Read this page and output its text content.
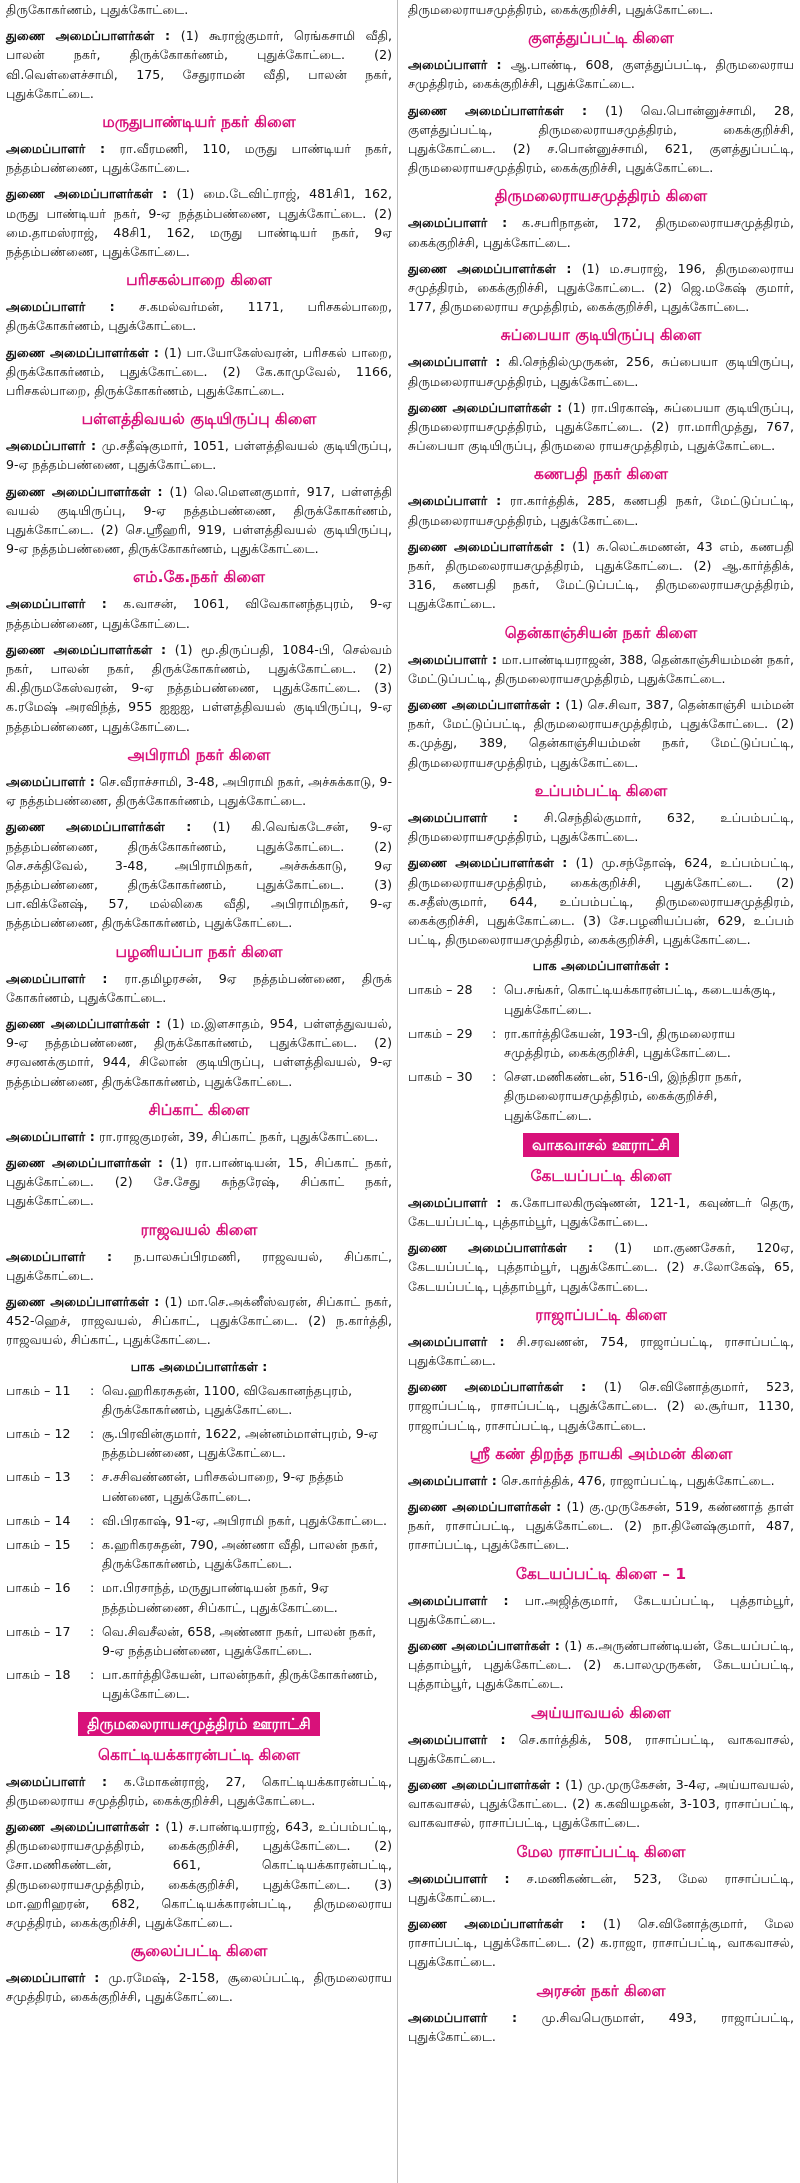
திருகோகர்ணம், புதுக்கோட்டை.

துணை அமைப்பாளர்கள் : (1) கூராஜ்குமார், ரெங்கசாமி வீதி, பாலன் நகர், திருக்கோகர்ணம், புதுக்கோட்டை. (2) வி.வெள்ளைச்சாமி, 175, சேதுராமன் வீதி, பாலன் நகர், புதுக்கோட்டை.

மருதுபாண்டியர் நகர் கிளை

அமைப்பாளர் : ரா.வீரமணி, 110, மருது பாண்டியர் நகர், நத்தம்பண்ணை, புதுக்கோட்டை.

துணை அமைப்பாளர்கள் : (1) மை.டேவிட்ராஜ், 481சி1, 162, மருது பாண்டியர் நகர், 9-ஏ நத்தம்பண்ணை, புதுக்கோட்டை. (2) மை.தாமஸ்ராஜ், 48சி1, 162, மருது பாண்டியர் நகர், 9ஏ நத்தம்பண்ணை, புதுக்கோட்டை.

பரிசகல்பாறை கிளை

அமைப்பாளர் : ச.கமல்வர்மன், 1171, பரிசகல்பாறை, திருக்கோகர்ணம், புதுக்கோட்டை.

துணை அமைப்பாளர்கள் : (1) பா.யோகேஸ்வரன், பரிசகல் பாறை, திருக்கோகர்ணம், புதுக்கோட்டை. (2) கே.காமுவேல், 1166, பரிசகல்பாறை, திருக்கோகர்ணம், புதுக்கோட்டை.

பள்ளத்திவயல் குடியிருப்பு கிளை

அமைப்பாளர் : மு.சதீஷ்குமார், 1051, பள்ளத்திவயல் குடியிருப்பு, 9-ஏ நத்தம்பண்ணை, புதுக்கோட்டை.

துணை அமைப்பாளர்கள் : (1) லெ.மௌனகுமார், 917, பள்ளத்தி வயல் குடியிருப்பு, 9-ஏ நத்தம்பண்ணை, திருக்கோகர்ணம், புதுக்கோட்டை. (2) செ.ஸ்ரீஹரி, 919, பள்ளத்திவயல் குடியிருப்பு, 9-ஏ நத்தம்பண்ணை, திருக்கோகர்ணம், புதுக்கோட்டை.

எம்.கே.நகர் கிளை

அமைப்பாளர் : க.வாசன், 1061, விவேகானந்தபுரம், 9-ஏ நத்தம்பண்ணை, புதுக்கோட்டை.

துணை அமைப்பாளர்கள் : (1) மூ.திருப்பதி, 1084-பி, செல்வம் நகர், பாலன் நகர், திருக்கோகர்ணம், புதுக்கோட்டை. (2) கி.திருமகேஸ்வரன், 9-ஏ நத்தம்பண்ணை, புதுக்கோட்டை. (3) க.ரமேஷ் அரவிந்த், 955 ஐஐஐ, பள்ளத்திவயல் குடியிருப்பு, 9-ஏ நத்தம்பண்ணை, புதுக்கோட்டை.

அபிராமி நகர் கிளை

அமைப்பாளர் : செ.வீராச்சாமி, 3-48, அபிராமி நகர், அச்சுக்காடு, 9-ஏ நத்தம்பண்ணை, திருக்கோகர்ணம், புதுக்கோட்டை.

துணை அமைப்பாளர்கள் : (1) கி.வெங்கடேசன், 9-ஏ நத்தம்பண்ணை, திருக்கோகர்ணம், புதுக்கோட்டை. (2) செ.சக்திவேல், 3-48, அபிராமிநகர், அச்சுக்காடு, 9ஏ நத்தம்பண்ணை, திருக்கோகர்ணம், புதுக்கோட்டை. (3) பா.விக்னேஷ், 57, மல்லிகை வீதி, அபிராமிநகர், 9-ஏ நத்தம்பண்ணை, திருக்கோகர்ணம், புதுக்கோட்டை.

பழனியப்பா நகர் கிளை

அமைப்பாளர் : ரா.தமிழரசன், 9ஏ நத்தம்பண்ணை, திருக் கோகர்ணம், புதுக்கோட்டை.

துணை அமைப்பாளர்கள் : (1) ம.இளசாதம், 954, பள்ளத்துவயல், 9-ஏ நத்தம்பண்ணை, திருக்கோகர்ணம், புதுக்கோட்டை. (2) சரவணக்குமார், 944, சிலோன் குடியிருப்பு, பள்ளத்திவயல், 9-ஏ நத்தம்பண்ணை, திருக்கோகர்ணம், புதுக்கோட்டை.

சிப்காட் கிளை

அமைப்பாளர் : ரா.ராஜகுமரன், 39, சிப்காட் நகர், புதுக்கோட்டை.

துணை அமைப்பாளர்கள் : (1) ரா.பாண்டியன், 15, சிப்காட் நகர், புதுக்கோட்டை. (2) சே.சேது சுந்தரேஷ், சிப்காட் நகர், புதுக்கோட்டை.

ராஜவயல் கிளை

அமைப்பாளர் : ந.பாலசுப்பிரமணி, ராஜவயல், சிப்காட், புதுக்கோட்டை.

துணை அமைப்பாளர்கள் : (1) மா.செ.அக்னீஸ்வரன், சிப்காட் நகர், 452-ஹெச், ராஜவயல், சிப்காட், புதுக்கோட்டை. (2) ந.கார்த்தி, ராஜவயல், சிப்காட், புதுக்கோட்டை.

பாக அமைப்பாளர்கள் :
பாகம் – 11	: வெ.ஹரிகரசுதன், 1100, விவேகானந்தபுரம், திருக்கோகர்ணம், புதுக்கோட்டை.
பாகம் – 12	: சூ.பிரவின்குமார், 1622, அன்னம்மாள்புரம், 9-ஏ நத்தம்பண்ணை, புதுக்கோட்டை.
பாகம் – 13	: ச.சசிவண்ணன், பரிசகல்பாறை, 9-ஏ நத்தம் பண்ணை, புதுக்கோட்டை.
பாகம் – 14	: வி.பிரகாஷ், 91-ஏ, அபிராமி நகர், புதுக்கோட்டை.
பாகம் – 15	: க.ஹரிகரசுதன், 790, அண்ணா வீதி, பாலன் நகர், திருக்கோகர்ணம், புதுக்கோட்டை.
பாகம் – 16	: மா.பிரசாந்த், மருதுபாண்டியன் நகர், 9ஏ நத்தம்பண்ணை, சிப்காட், புதுக்கோட்டை.
பாகம் – 17	: வெ.சிவசீலன், 658, அண்ணா நகர், பாலன் நகர், 9-ஏ நத்தம்பண்ணை, புதுக்கோட்டை.
பாகம் – 18	: பா.கார்த்திகேயன், பாலன்நகர், திருக்கோகர்ணம், புதுக்கோட்டை.
திருமலைராயசமுத்திரம் ஊராட்சி
கொட்டியக்காரன்பட்டி கிளை

அமைப்பாளர் : க.மோகன்ராஜ், 27, கொட்டியக்காரன்பட்டி, திருமலைராய சமுத்திரம், கைக்குறிச்சி, புதுக்கோட்டை.

துணை அமைப்பாளர்கள் : (1) ச.பாண்டியராஜ், 643, உப்பம்பட்டி, திருமலைராயசமுத்திரம், கைக்குறிச்சி, புதுக்கோட்டை. (2) சோ.மணிகண்டன், 661, கொட்டியக்காரன்பட்டி, திருமலைராயசமுத்திரம், கைக்குறிச்சி, புதுக்கோட்டை. (3) மா.ஹரிஹரன், 682, கொட்டியக்காரன்பட்டி, திருமலைராய சமுத்திரம், கைக்குறிச்சி, புதுக்கோட்டை.

சூலைப்பட்டி கிளை

அமைப்பாளர் : மு.ரமேஷ், 2-158, சூலைப்பட்டி, திருமலைராய சமுத்திரம், கைக்குறிச்சி, புதுக்கோட்டை.

திருமலைராயசமுத்திரம், கைக்குறிச்சி, புதுக்கோட்டை.

குளத்துப்பட்டி கிளை

அமைப்பாளர் : ஆ.பாண்டி, 608, குளத்துப்பட்டி, திருமலைராய சமுத்திரம், கைக்குறிச்சி, புதுக்கோட்டை.

துணை அமைப்பாளர்கள் : (1) வெ.பொன்னுச்சாமி, 28, குளத்துப்பட்டி, திருமலைராயசமுத்திரம், கைக்குறிச்சி, புதுக்கோட்டை. (2) ச.பொன்னுச்சாமி, 621, குளத்துப்பட்டி, திருமலைராயசமுத்திரம், கைக்குறிச்சி, புதுக்கோட்டை.

திருமலைராயசமுத்திரம் கிளை

அமைப்பாளர் : க.சபரிநாதன், 172, திருமலைராயசமுத்திரம், கைக்குறிச்சி, புதுக்கோட்டை.

துணை அமைப்பாளர்கள் : (1) ம.சபராஜ், 196, திருமலைராய சமுத்திரம், கைக்குறிச்சி, புதுக்கோட்டை. (2) ஜெ.மகேஷ் குமார், 177, திருமலைராய சமுத்திரம், கைக்குறிச்சி, புதுக்கோட்டை.

சுப்பையா குடியிருப்பு கிளை

அமைப்பாளர் : கி.செந்தில்முருகன், 256, சுப்பையா குடியிருப்பு, திருமலைராயசமுத்திரம், புதுக்கோட்டை.

துணை அமைப்பாளர்கள் : (1) ரா.பிரகாஷ், சுப்பையா குடியிருப்பு, திருமலைராயசமுத்திரம், புதுக்கோட்டை. (2) ரா.மாரிமுத்து, 767, சுப்பையா குடியிருப்பு, திருமலை ராயசமுத்திரம், புதுக்கோட்டை.

கணபதி நகர் கிளை

அமைப்பாளர் : ரா.கார்த்திக், 285, கணபதி நகர், மேட்டுப்பட்டி, திருமலைராயசமுத்திரம், புதுக்கோட்டை.

துணை அமைப்பாளர்கள் : (1) சு.லெட்சுமணன், 43 எம், கணபதி நகர், திருமலைராயசமுத்திரம், புதுக்கோட்டை. (2) ஆ.கார்த்திக், 316, கணபதி நகர், மேட்டுப்பட்டி, திருமலைராயசமுத்திரம், புதுக்கோட்டை.

தென்காஞ்சியன் நகர் கிளை

அமைப்பாளர் : மா.பாண்டியராஜன், 388, தென்காஞ்சியம்மன் நகர், மேட்டுப்பட்டி, திருமலைராயசமுத்திரம், புதுக்கோட்டை.

துணை அமைப்பாளர்கள் : (1) செ.சிவா, 387, தென்காஞ்சி யம்மன் நகர், மேட்டுப்பட்டி, திருமலைராயசமுத்திரம், புதுக்கோட்டை. (2) க.முத்து, 389, தென்காஞ்சியம்மன் நகர், மேட்டுப்பட்டி, திருமலைராயசமுத்திரம், புதுக்கோட்டை.

உப்பம்பட்டி கிளை

அமைப்பாளர் : சி.செந்தில்குமார், 632, உப்பம்பட்டி, திருமலைராயசமுத்திரம், புதுக்கோட்டை.

துணை அமைப்பாளர்கள் : (1) மு.சந்தோஷ், 624, உப்பம்பட்டி, திருமலைராயசமுத்திரம், கைக்குறிச்சி, புதுக்கோட்டை. (2) க.சதீஸ்குமார், 644, உப்பம்பட்டி, திருமலைராயசமுத்திரம், கைக்குறிச்சி, புதுக்கோட்டை. (3) சே.பழனியப்பன், 629, உப்பம் பட்டி, திருமலைராயசமுத்திரம், கைக்குறிச்சி, புதுக்கோட்டை.

பாக அமைப்பாளர்கள் :
பாகம் – 28	: பெ.சங்கர், கொட்டியக்காரன்பட்டி, கடையக்குடி, புதுக்கோட்டை.
பாகம் – 29	: ரா.கார்த்திகேயன், 193-பி, திருமலைராய சமுத்திரம், கைக்குறிச்சி, புதுக்கோட்டை.
பாகம் – 30	: சௌ.மணிகண்டன், 516-பி, இந்திரா நகர், திருமலைராயசமுத்திரம், கைக்குறிச்சி, புதுக்கோட்டை.
வாகவாசல் ஊராட்சி
கேடயப்பட்டி கிளை

அமைப்பாளர் : க.கோபாலகிருஷ்ணன், 121-1, கவுண்டர் தெரு, கேடயப்பட்டி, புத்தாம்பூர், புதுக்கோட்டை.

துணை அமைப்பாளர்கள் : (1) மா.குணசேகர், 120ஏ, கேடயப்பட்டி, புத்தாம்பூர், புதுக்கோட்டை. (2) ச.லோகேஷ், 65, கேடயப்பட்டி, புத்தாம்பூர், புதுக்கோட்டை.

ராஜாப்பட்டி கிளை

அமைப்பாளர் : சி.சரவணன், 754, ராஜாப்பட்டி, ராசாப்பட்டி, புதுக்கோட்டை.

துணை அமைப்பாளர்கள் : (1) செ.வினோத்குமார், 523, ராஜாப்பட்டி, ராசாப்பட்டி, புதுக்கோட்டை. (2) ல.சூர்யா, 1130, ராஜாப்பட்டி, ராசாப்பட்டி, புதுக்கோட்டை.

ஸ்ரீ கண் திறந்த நாயகி அம்மன் கிளை

அமைப்பாளர் : செ.கார்த்திக், 476, ராஜாப்பட்டி, புதுக்கோட்டை.

துணை அமைப்பாளர்கள் : (1) கு.முருகேசன், 519, கண்ணாத் தாள் நகர், ராசாப்பட்டி, புதுக்கோட்டை. (2) நா.தினேஷ்குமார், 487, ராசாப்பட்டி, புதுக்கோட்டை.

கேடயப்பட்டி கிளை – 1

அமைப்பாளர் : பா.அஜித்குமார், கேடயப்பட்டி, புத்தாம்பூர், புதுக்கோட்டை.

துணை அமைப்பாளர்கள் : (1) க.அருண்பாண்டியன், கேடயப்பட்டி, புத்தாம்பூர், புதுக்கோட்டை. (2) க.பாலமுருகன், கேடயப்பட்டி, புத்தாம்பூர், புதுக்கோட்டை.

அய்யாவயல் கிளை

அமைப்பாளர் : செ.கார்த்திக், 508, ராசாப்பட்டி, வாகவாசல், புதுக்கோட்டை.

துணை அமைப்பாளர்கள் : (1) மு.முருகேசன், 3-4ஏ, அய்யாவயல், வாகவாசல், புதுக்கோட்டை. (2) க.கவியழகன், 3-103, ராசாப்பட்டி, வாகவாசல், ராசாப்பட்டி, புதுக்கோட்டை.

மேல ராசாப்பட்டி கிளை

அமைப்பாளர் : ச.மணிகண்டன், 523, மேல ராசாப்பட்டி, புதுக்கோட்டை.

துணை அமைப்பாளர்கள் : (1) செ.வினோத்குமார், மேல ராசாப்பட்டி, புதுக்கோட்டை. (2) க.ராஜா, ராசாப்பட்டி, வாகவாசல், புதுக்கோட்டை.

அரசன் நகர் கிளை

அமைப்பாளர் : மு.சிவபெருமாள், 493, ராஜாப்பட்டி, புதுக்கோட்டை.
